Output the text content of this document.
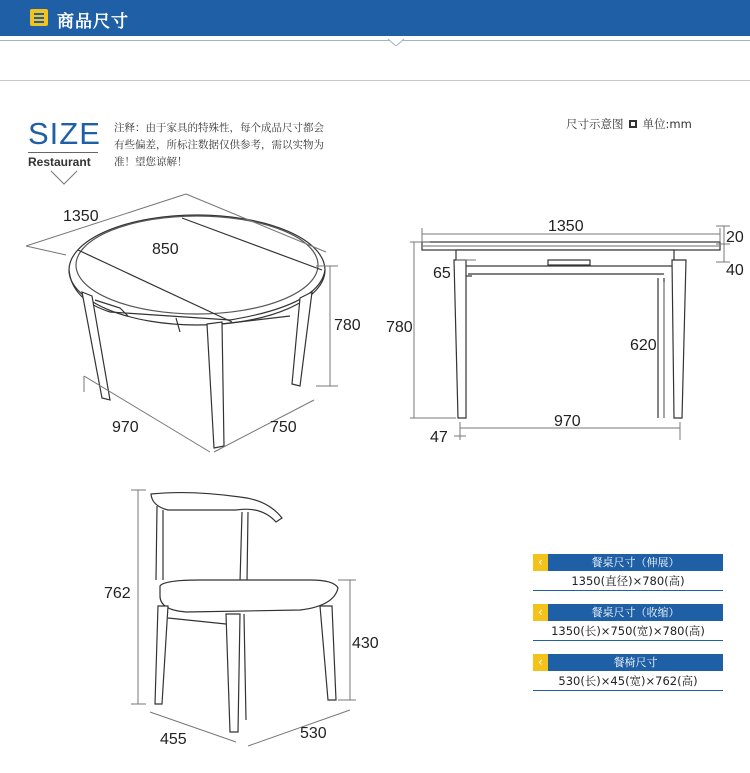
商品尺寸
SIZE
Restaurant
注释：由于家具的特殊性，每个成品尺寸都会有些偏差，所标注数据仅供参考，需以实物为准！望您谅解！
尺寸示意图 单位:mm
1350
850
780
970	750
1350
20
40
65
780
620
970
47
762
430
455	530
‹	餐桌尺寸（伸展）
1350(直径)×780(高)
‹	餐桌尺寸（收缩）
1350(长)×750(宽)×780(高)
‹	餐椅尺寸
530(长)×45(宽)×762(高)
